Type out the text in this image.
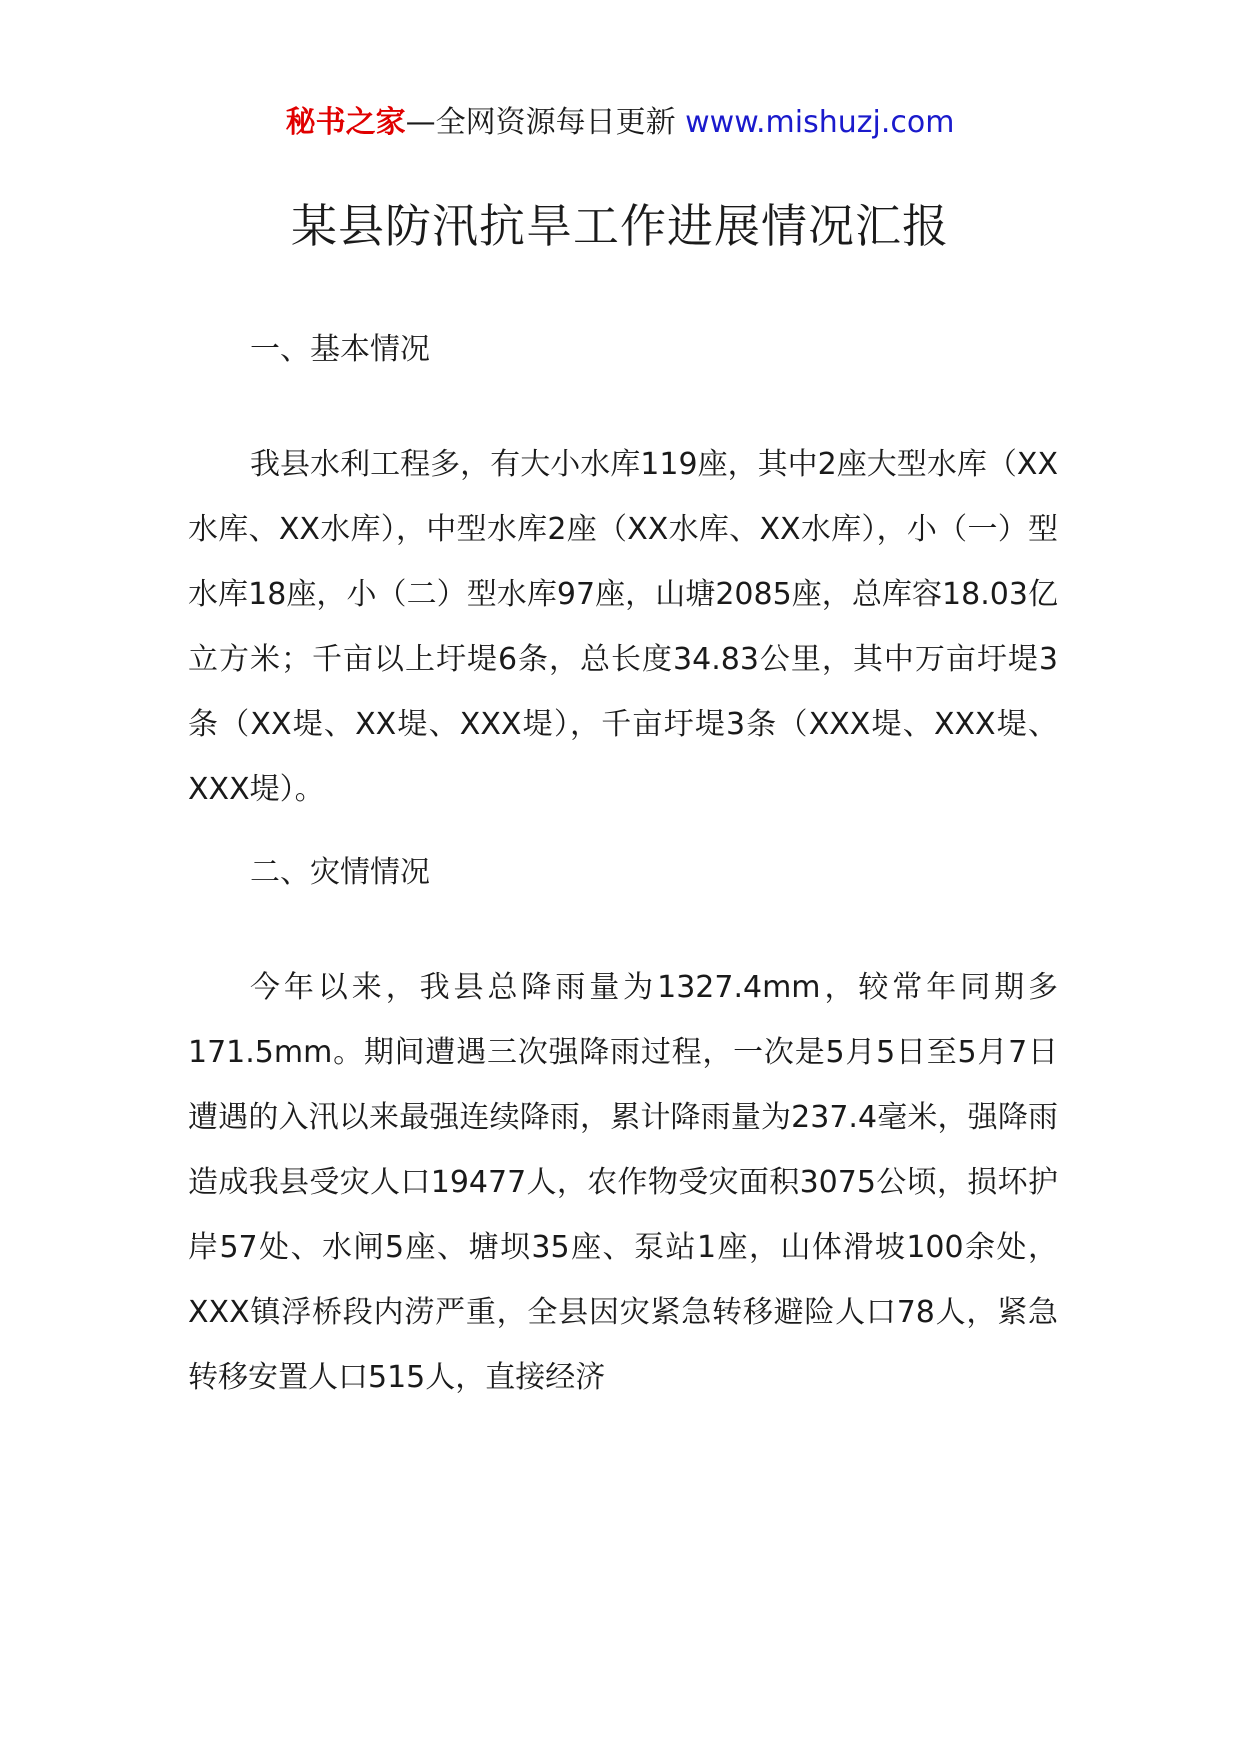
秘书之家—全网资源每日更新 www.mishuzj.com
某县防汛抗旱工作进展情况汇报
一、基本情况

我县水利工程多，有大小水库119座，其中2座大型水库（XX水库、XX水库），中型水库2座（XX水库、XX水库），小（一）型水库18座，小（二）型水库97座，山塘2085座，总库容18.03亿立方米；千亩以上圩堤6条，总长度34.83公里，其中万亩圩堤3条（XX堤、XX堤、XXX堤），千亩圩堤3条（XXX堤、XXX堤、XXX堤）。

二、灾情情况

今年以来，我县总降雨量为1327.4mm，较常年同期多171.5mm。期间遭遇三次强降雨过程，一次是5月5日至5月7日遭遇的入汛以来最强连续降雨，累计降雨量为237.4毫米，强降雨造成我县受灾人口19477人，农作物受灾面积3075公顷，损坏护岸57处、水闸5座、塘坝35座、泵站1座，山体滑坡100余处，XXX镇浮桥段内涝严重，全县因灾紧急转移避险人口78人，紧急转移安置人口515人，直接经济
